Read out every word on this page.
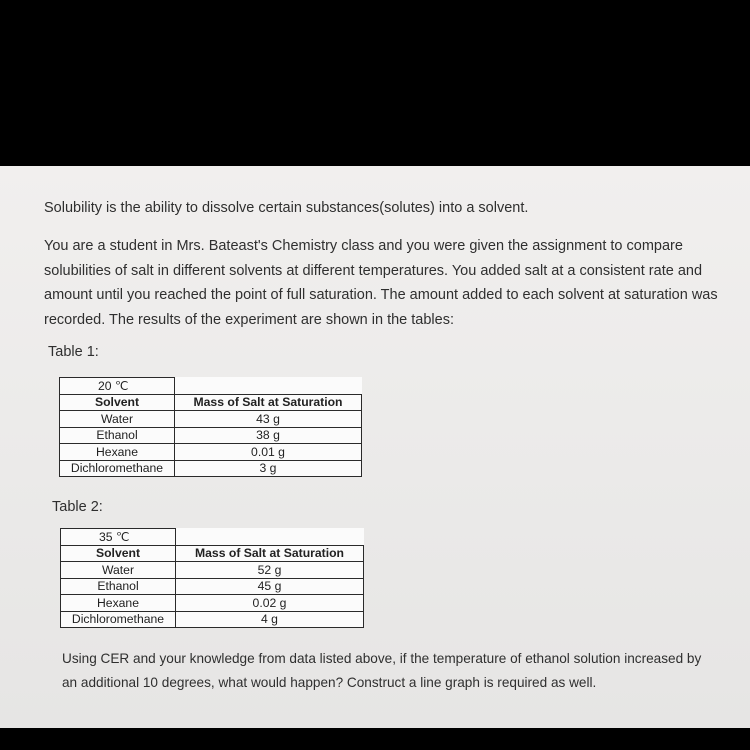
Solubility is the ability to dissolve certain substances(solutes) into a solvent.
You are a student in Mrs. Bateast's Chemistry class and you were given the assignment to compare solubilities of salt in different solvents at different temperatures. You added salt at a consistent rate and amount until you reached the point of full saturation. The amount added to each solvent at saturation was recorded. The results of the experiment are shown in the tables:
Table 1:
20 ℃	
Solvent	Mass of Salt at Saturation
Water	43 g
Ethanol	38 g
Hexane	0.01 g
Dichloromethane	3 g
Table 2:
35 ℃	
Solvent	Mass of Salt at Saturation
Water	52 g
Ethanol	45 g
Hexane	0.02 g
Dichloromethane	4 g
Using CER and your knowledge from data listed above, if the temperature of ethanol solution increased by an additional 10 degrees, what would happen? Construct a line graph is required as well.
